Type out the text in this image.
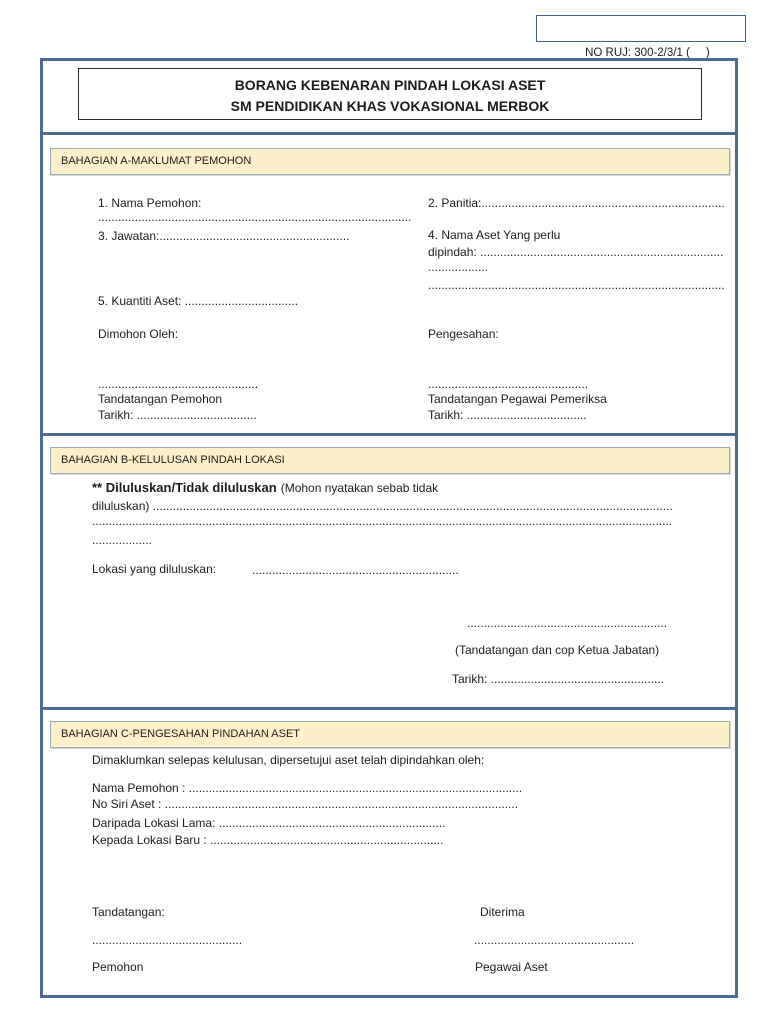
NO RUJ: 300-2/3/1 (     )

BORANG KEBENARAN PINDAH LOKASI ASET
SM PENDIDIKAN KHAS VOKASIONAL MERBOK
BAHAGIAN A-MAKLUMAT PEMOHON
1. Nama Pemohon:
..............................................................................................
2. Panitia:.........................................................................
3. Jawatan:.........................................................	4. Nama Aset Yang perlu
dipindah: .........................................................................
..................
.........................................................................................
5. Kuantiti Aset: ..................................
Dimohon Oleh:	Pengesahan:
................................................
Tandatangan Pemohon
Tarikh: ....................................
................................................
Tandatangan Pegawai Pemeriksa
Tarikh: ....................................
BAHAGIAN B-KELULUSAN PINDAH LOKASI
** Diluluskan/Tidak diluluskan (Mohon nyatakan sebab tidak
diluluskan) ............................................................................................................................................................
..............................................................................................................................................................................
..................
Lokasi yang diluluskan:	..............................................................
............................................................
(Tandatangan dan cop Ketua Jabatan)
Tarikh: ....................................................
BAHAGIAN C-PENGESAHAN PINDAHAN ASET
Dimaklumkan selepas kelulusan, dipersetujui aset telah dipindahkan oleh:
Nama Pemohon : ....................................................................................................
No Siri Aset : ..........................................................................................................
Daripada Lokasi Lama: ....................................................................
Kepada Lokasi Baru : ......................................................................
Tandatangan:	Diterima
.............................................	................................................
Pemohon	Pegawai Aset
